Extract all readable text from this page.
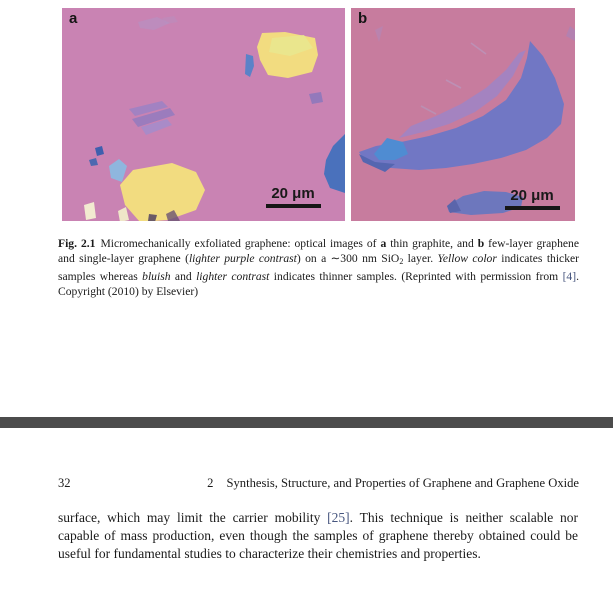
a
20 μm
b
20 μm

Fig. 2.1 Micromechanically exfoliated graphene: optical images of a thin graphite, and b few-layer graphene and single-layer graphene (lighter purple contrast) on a ∼300 nm SiO$_2$ layer. Yellow color indicates thicker samples whereas bluish and lighter contrast indicates thinner samples. (Reprinted with permission from [4]. Copyright (2010) by Elsevier)

32	2 Synthesis, Structure, and Properties of Graphene and Graphene Oxide

surface, which may limit the carrier mobility [25]. This technique is neither scalable nor capable of mass production, even though the samples of graphene thereby obtained could be useful for fundamental studies to characterize their chemistries and properties.
